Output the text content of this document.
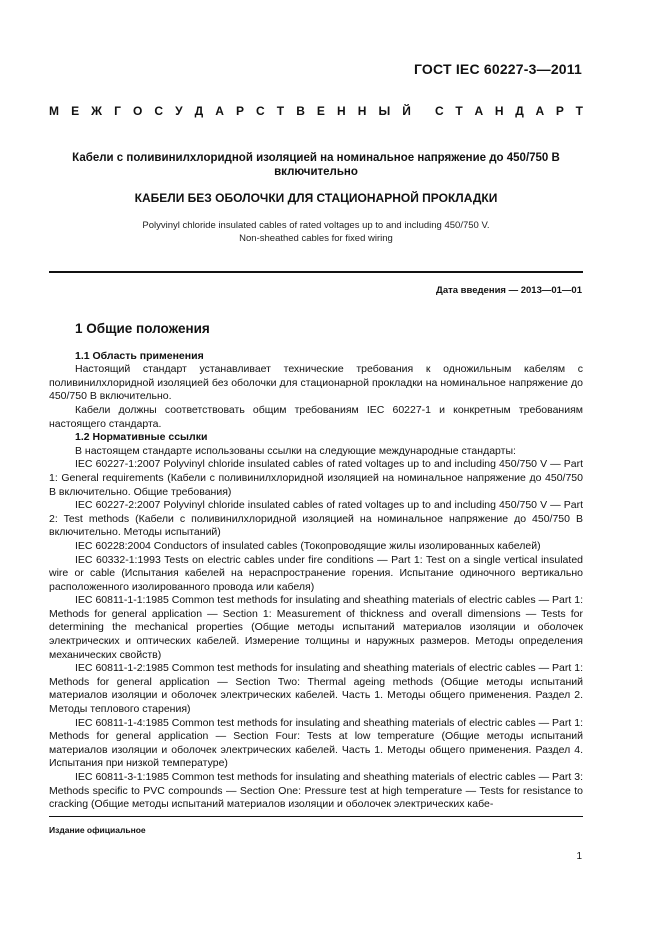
ГОСТ IEC 60227-3—2011
М Е Ж Г О С У Д А Р С Т В Е Н Н Ы Й С Т А Н Д А Р Т
Кабели с поливинилхлоридной изоляцией на номинальное напряжение до 450/750 В
включительно
КАБЕЛИ БЕЗ ОБОЛОЧКИ ДЛЯ СТАЦИОНАРНОЙ ПРОКЛАДКИ
Polyvinyl chloride insulated cables of rated voltages up to and including 450/750 V.
Non-sheathed cables for fixed wiring
Дата введения — 2013—01—01
1 Общие положения
1.1 Область применения

Настоящий стандарт устанавливает технические требования к одножильным кабелям с поливинилхлоридной изоляцией без оболочки для стационарной прокладки на номинальное напряжение до 450/750 В включительно.

Кабели должны соответствовать общим требованиям IEC 60227-1 и конкретным требованиям настоящего стандарта.

1.2 Нормативные ссылки

В настоящем стандарте использованы ссылки на следующие международные стандарты:

IEC 60227-1:2007 Polyvinyl chloride insulated cables of rated voltages up to and including 450/750 V — Part 1: General requirements (Кабели с поливинилхлоридной изоляцией на номинальное напряжение до 450/750 В включительно. Общие требования)

IEC 60227-2:2007 Polyvinyl chloride insulated cables of rated voltages up to and including 450/750 V — Part 2: Test methods (Кабели с поливинилхлоридной изоляцией на номинальное напряжение до 450/750 В включительно. Методы испытаний)

IEC 60228:2004 Conductors of insulated cables (Токопроводящие жилы изолированных кабелей)

IEC 60332-1:1993 Tests on electric cables under fire conditions — Part 1: Test on a single vertical insulated wire or cable (Испытания кабелей на нераспространение горения. Испытание одиночного вертикально расположенного изолированного провода или кабеля)

IEC 60811-1-1:1985 Common test methods for insulating and sheathing materials of electric cables — Part 1: Methods for general application — Section 1: Measurement of thickness and overall dimensions — Tests for determining the mechanical properties (Общие методы испытаний материалов изоляции и оболочек электрических и оптических кабелей. Измерение толщины и наружных размеров. Методы определения механических свойств)

IEC 60811-1-2:1985 Common test methods for insulating and sheathing materials of electric cables — Part 1: Methods for general application — Section Two: Thermal ageing methods (Общие методы испытаний материалов изоляции и оболочек электрических кабелей. Часть 1. Методы общего применения. Раздел 2. Методы теплового старения)

IEC 60811-1-4:1985 Common test methods for insulating and sheathing materials of electric cables — Part 1: Methods for general application — Section Four: Tests at low temperature (Общие методы испытаний материалов изоляции и оболочек электрических кабелей. Часть 1. Методы общего применения. Раздел 4. Испытания при низкой температуре)

IEC 60811-3-1:1985 Common test methods for insulating and sheathing materials of electric cables — Part 3: Methods specific to PVC compounds — Section One: Pressure test at high temperature — Tests for resistance to cracking (Общие методы испытаний материалов изоляции и оболочек электрических кабе-

Издание официальное
1
